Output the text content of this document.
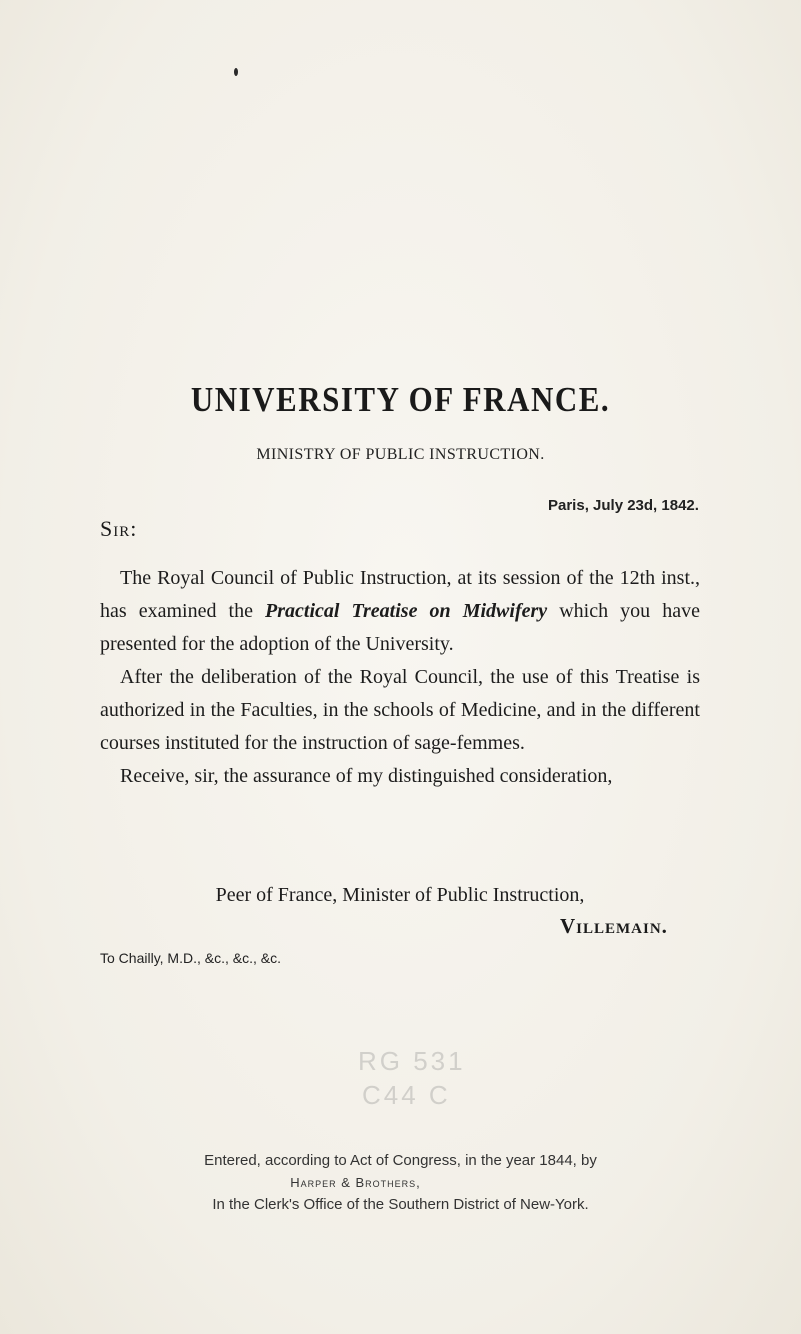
UNIVERSITY OF FRANCE.
MINISTRY OF PUBLIC INSTRUCTION.
Paris, July 23d, 1842.
Sir:

The Royal Council of Public Instruction, at its session of the 12th inst., has examined the Practical Treatise on Midwifery which you have presented for the adoption of the University.

After the deliberation of the Royal Council, the use of this Treatise is authorized in the Faculties, in the schools of Medicine, and in the different courses instituted for the instruction of sage-femmes.

Receive, sir, the assurance of my distinguished consideration,

Peer of France, Minister of Public Instruction,
Villemain.
To Chailly, M.D., &c., &c., &c.
RG 531
C44 C
Entered, according to Act of Congress, in the year 1844, by
Harper & Brothers,
In the Clerk's Office of the Southern District of New-York.
